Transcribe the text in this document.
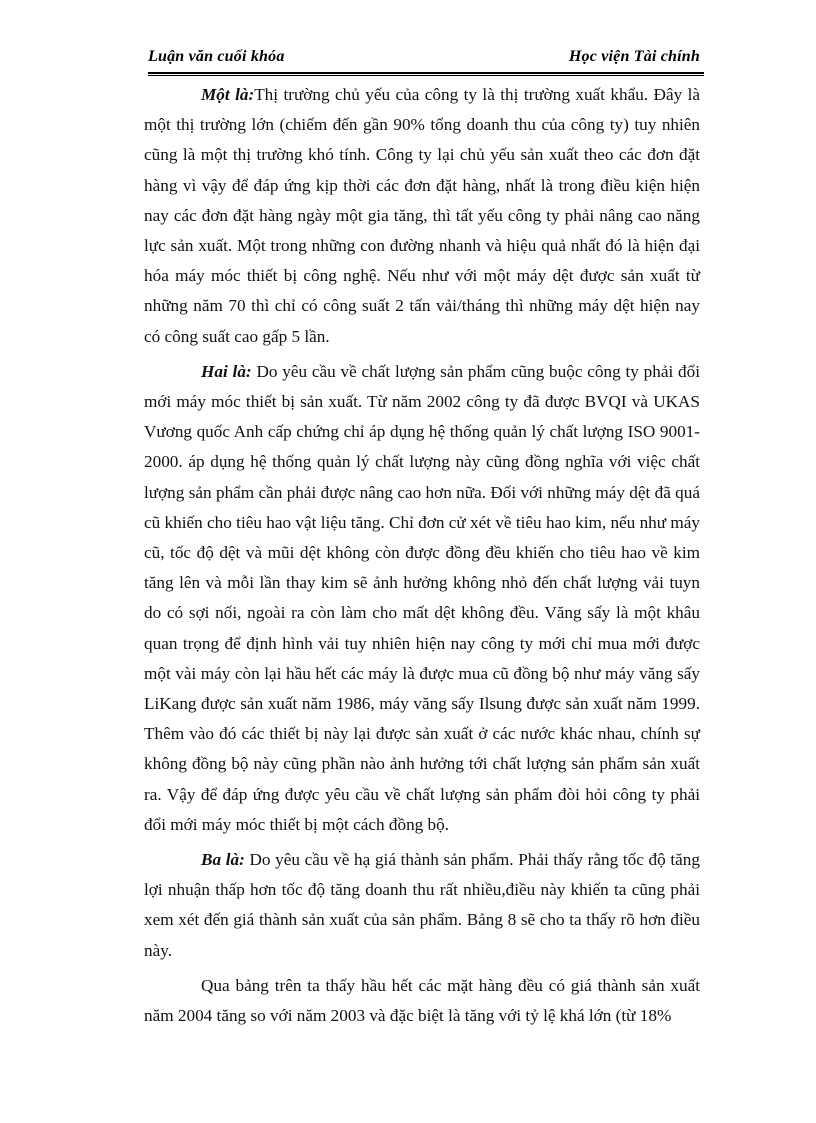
Luận văn cuối khóa	Học viện Tài chính

Một là:Thị trường chủ yếu của công ty là thị trường xuất khẩu. Đây là một thị trường lớn (chiếm đến gần 90% tổng doanh thu của công ty) tuy nhiên cũng là một thị trường khó tính. Công ty lại chủ yếu sản xuất theo các đơn đặt hàng vì vậy để đáp ứng kịp thời các đơn đặt hàng, nhất là trong điều kiện hiện nay các đơn đặt hàng ngày một gia tăng, thì tất yếu công ty phải nâng cao năng lực sản xuất. Một trong những con đường nhanh và hiệu quả nhất đó là hiện đại hóa máy móc thiết bị công nghệ. Nếu như với một máy dệt được sản xuất từ những năm 70 thì chỉ có công suất 2 tấn vải/tháng thì những máy dệt hiện nay có công suất cao gấp 5 lần.

Hai là: Do yêu cầu về chất lượng sản phẩm cũng buộc công ty phải đổi mới máy móc thiết bị sản xuất. Từ năm 2002 công ty đã được BVQI và UKAS Vương quốc Anh cấp chứng chỉ áp dụng hệ thống quản lý chất lượng ISO 9001-2000. áp dụng hệ thống quản lý chất lượng này cũng đồng nghĩa với việc chất lượng sản phẩm cần phải được nâng cao hơn nữa. Đối với những máy dệt đã quá cũ khiến cho tiêu hao vật liệu tăng. Chỉ đơn cử xét về tiêu hao kim, nếu như máy cũ, tốc độ dệt và mũi dệt không còn được đồng đều khiến cho tiêu hao về kim tăng lên và mỗi lần thay kim sẽ ảnh hưởng không nhỏ đến chất lượng vải tuyn do có sợi nối, ngoài ra còn làm cho mất dệt không đều. Văng sấy là một khâu quan trọng để định hình vải tuy nhiên hiện nay công ty mới chỉ mua mới được một vài máy còn lại hầu hết các máy là được mua cũ đồng bộ như máy văng sấy LiKang được sản xuất năm 1986, máy văng sấy Ilsung được sản xuất năm 1999. Thêm vào đó các thiết bị này lại được sản xuất ở các nước khác nhau, chính sự không đồng bộ này cũng phần nào ảnh hưởng tới chất lượng sản phẩm sản xuất ra. Vậy để đáp ứng được yêu cầu về chất lượng sản phẩm đòi hỏi công ty phải đổi mới máy móc thiết bị một cách đồng bộ.

Ba là: Do yêu cầu về hạ giá thành sản phẩm. Phải thấy rằng tốc độ tăng lợi nhuận thấp hơn tốc độ tăng doanh thu rất nhiều,điều này khiến ta cũng phải xem xét đến giá thành sản xuất của sản phẩm. Bảng 8 sẽ cho ta thấy rõ hơn điều này.

Qua bảng trên ta thấy hầu hết các mặt hàng đều có giá thành sản xuất năm 2004 tăng so với năm 2003 và đặc biệt là tăng với tỷ lệ khá lớn (từ 18%
